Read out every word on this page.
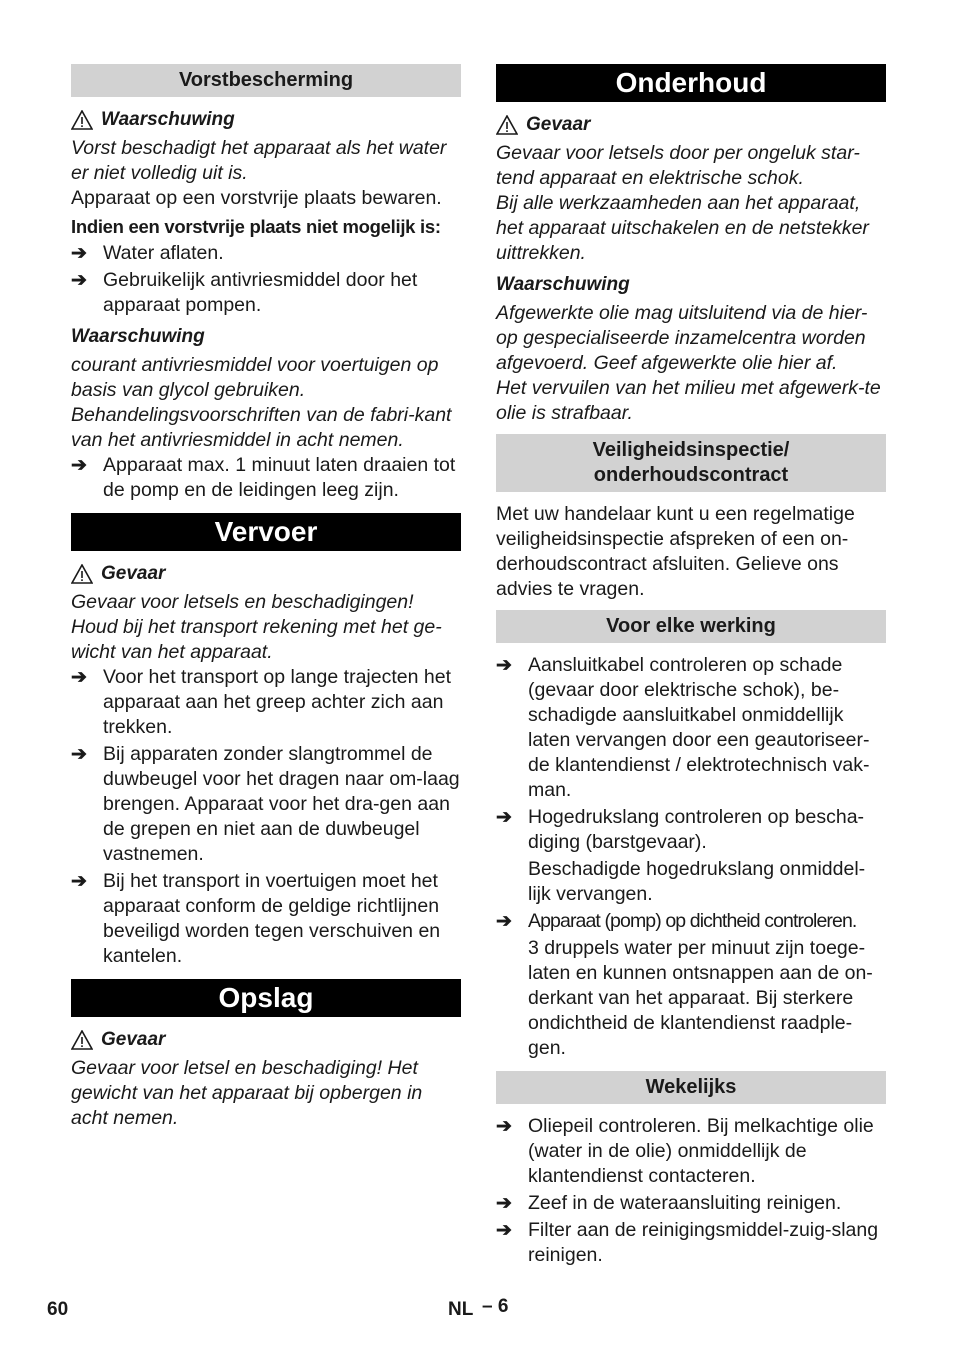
Vorstbescherming
Waarschuwing

Vorst beschadigt het apparaat als het water er niet volledig uit is.

Apparaat op een vorstvrije plaats bewaren.

Indien een vorstvrije plaats niet mogelijk is:

➔ Water aflaten.
➔ Gebruikelijk antivriesmiddel door het apparaat pompen.
Waarschuwing

courant antivriesmiddel voor voertuigen op basis van glycol gebruiken.

Behandelingsvoorschriften van de fabri-kant van het antivriesmiddel in acht nemen.

➔ Apparaat max. 1 minuut laten draaien tot de pomp en de leidingen leeg zijn.
Vervoer
Gevaar

Gevaar voor letsels en beschadigingen! Houd bij het transport rekening met het ge-wicht van het apparaat.

➔ Voor het transport op lange trajecten het apparaat aan het greep achter zich aan trekken.
➔ Bij apparaten zonder slangtrommel de duwbeugel voor het dragen naar om-laag brengen. Apparaat voor het dra-gen aan de grepen en niet aan de duwbeugel vastnemen.
➔ Bij het transport in voertuigen moet het apparaat conform de geldige richtlijnen beveiligd worden tegen verschuiven en kantelen.
Opslag
Gevaar

Gevaar voor letsel en beschadiging! Het gewicht van het apparaat bij opbergen in acht nemen.

Onderhoud
Gevaar

Gevaar voor letsels door per ongeluk star-tend apparaat en elektrische schok.

Bij alle werkzaamheden aan het apparaat, het apparaat uitschakelen en de netstekker uittrekken.

Waarschuwing

Afgewerkte olie mag uitsluitend via de hier-op gespecialiseerde inzamelcentra worden afgevoerd. Geef afgewerkte olie hier af.

Het vervuilen van het milieu met afgewerk-te olie is strafbaar.

Veiligheidsinspectie/
onderhoudscontract

Met uw handelaar kunt u een regelmatige veiligheidsinspectie afspreken of een on-derhoudscontract afsluiten. Gelieve ons advies te vragen.

Voor elke werking
➔ Aansluitkabel controleren op schade (gevaar door elektrische schok), be-schadigde aansluitkabel onmiddellijk laten vervangen door een geautoriseer-de klantendienst / elektrotechnisch vak-man.
➔ Hogedrukslang controleren op bescha-diging (barstgevaar).
Beschadigde hogedrukslang onmiddel-lijk vervangen.
➔ Apparaat (pomp) op dichtheid controleren.
3 druppels water per minuut zijn toege-laten en kunnen ontsnappen aan de on-derkant van het apparaat. Bij sterkere ondichtheid de klantendienst raadple-gen.
Wekelijks
➔ Oliepeil controleren. Bij melkachtige olie (water in de olie) onmiddellijk de klantendienst contacteren.
➔ Zeef in de wateraansluiting reinigen.
➔ Filter aan de reinigingsmiddel-zuig-slang reinigen.
60	NL – 6
